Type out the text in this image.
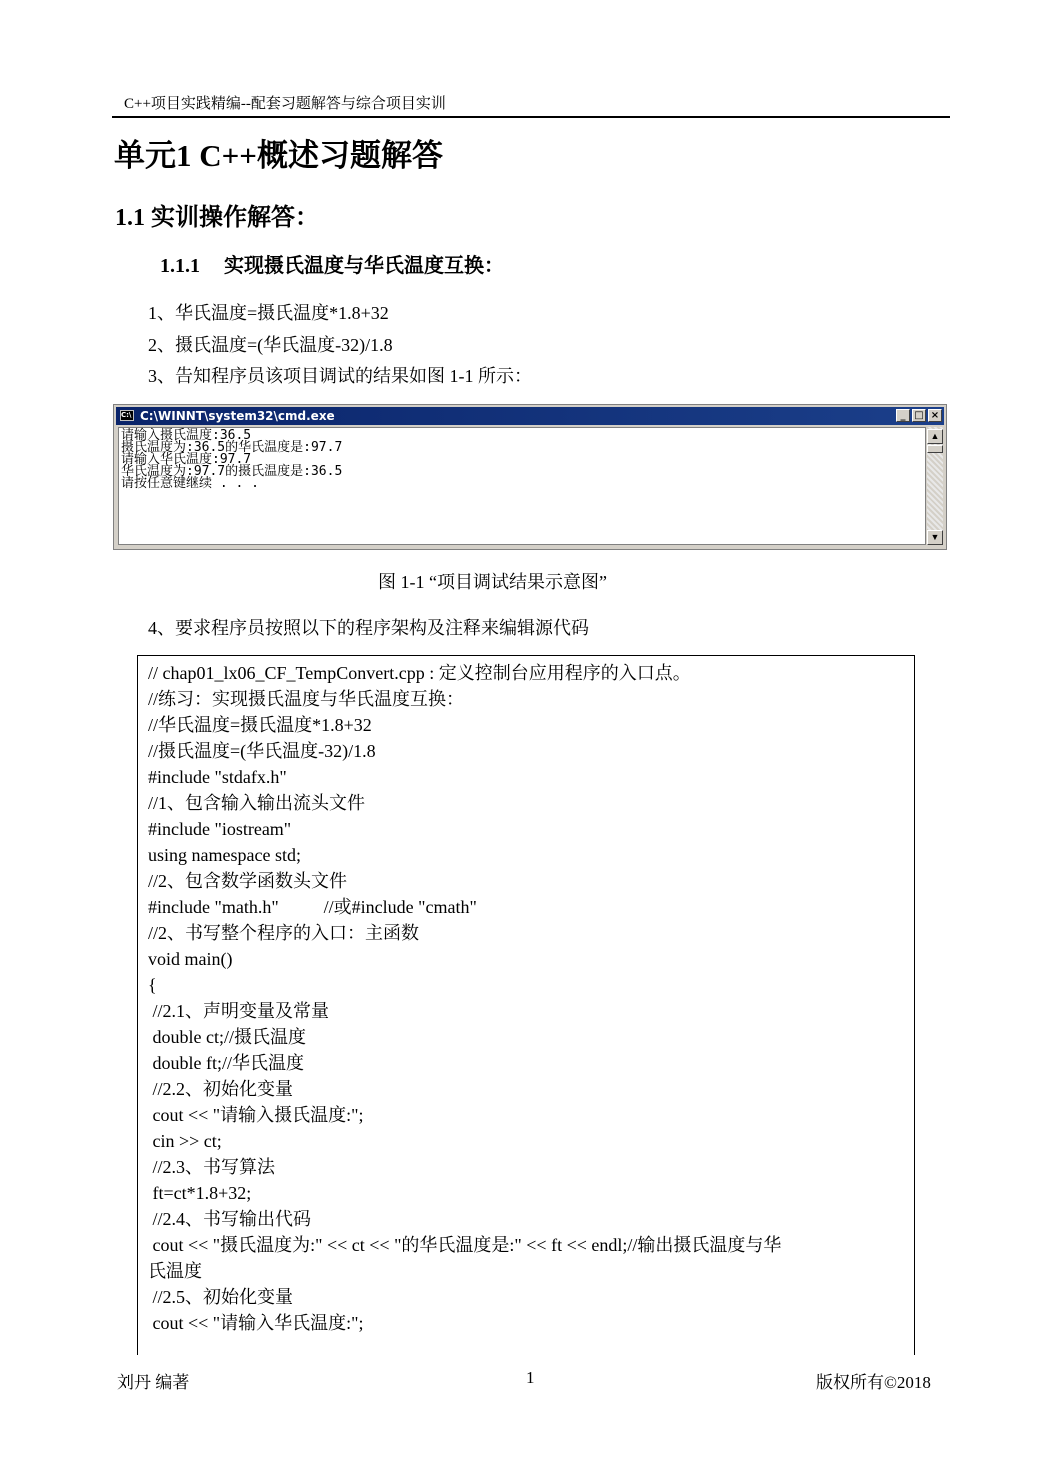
C++项目实践精编--配套习题解答与综合项目实训
单元1 C++概述习题解答
1.1 实训操作解答：
1.1.1 实现摄氏温度与华氏温度互换：
1、华氏温度=摄氏温度*1.8+32
2、摄氏温度=(华氏温度-32)/1.8
3、告知程序员该项目调试的结果如图 1-1 所示：
C:\ C:\WINNT\system32\cmd.exe	_ □ ×
请输入摄氏温度:36.5
摄氏温度为:36.5的华氏温度是:97.7
请输入华氏温度:97.7
华氏温度为:97.7的摄氏温度是:36.5
请按任意键继续 . . .
▲
▼
图 1-1 “项目调试结果示意图”
4、要求程序员按照以下的程序架构及注释来编辑源代码
// chap01_lx06_CF_TempConvert.cpp : 定义控制台应用程序的入口点。
//练习：实现摄氏温度与华氏温度互换：
//华氏温度=摄氏温度*1.8+32
//摄氏温度=(华氏温度-32)/1.8
#include "stdafx.h"
//1、包含输入输出流头文件
#include "iostream"
using namespace std;
//2、包含数学函数头文件
#include "math.h"          //或#include "cmath"
//2、书写整个程序的入口：主函数
void main()
{
//2.1、声明变量及常量
double ct;//摄氏温度
double ft;//华氏温度
//2.2、初始化变量
cout << "请输入摄氏温度:";
cin >> ct;
//2.3、书写算法
ft=ct*1.8+32;
//2.4、书写输出代码
cout << "摄氏温度为:" << ct << "的华氏温度是:" << ft << endl;//输出摄氏温度与华
氏温度
//2.5、初始化变量
cout << "请输入华氏温度:";
刘丹 编著	1	版权所有©2018
